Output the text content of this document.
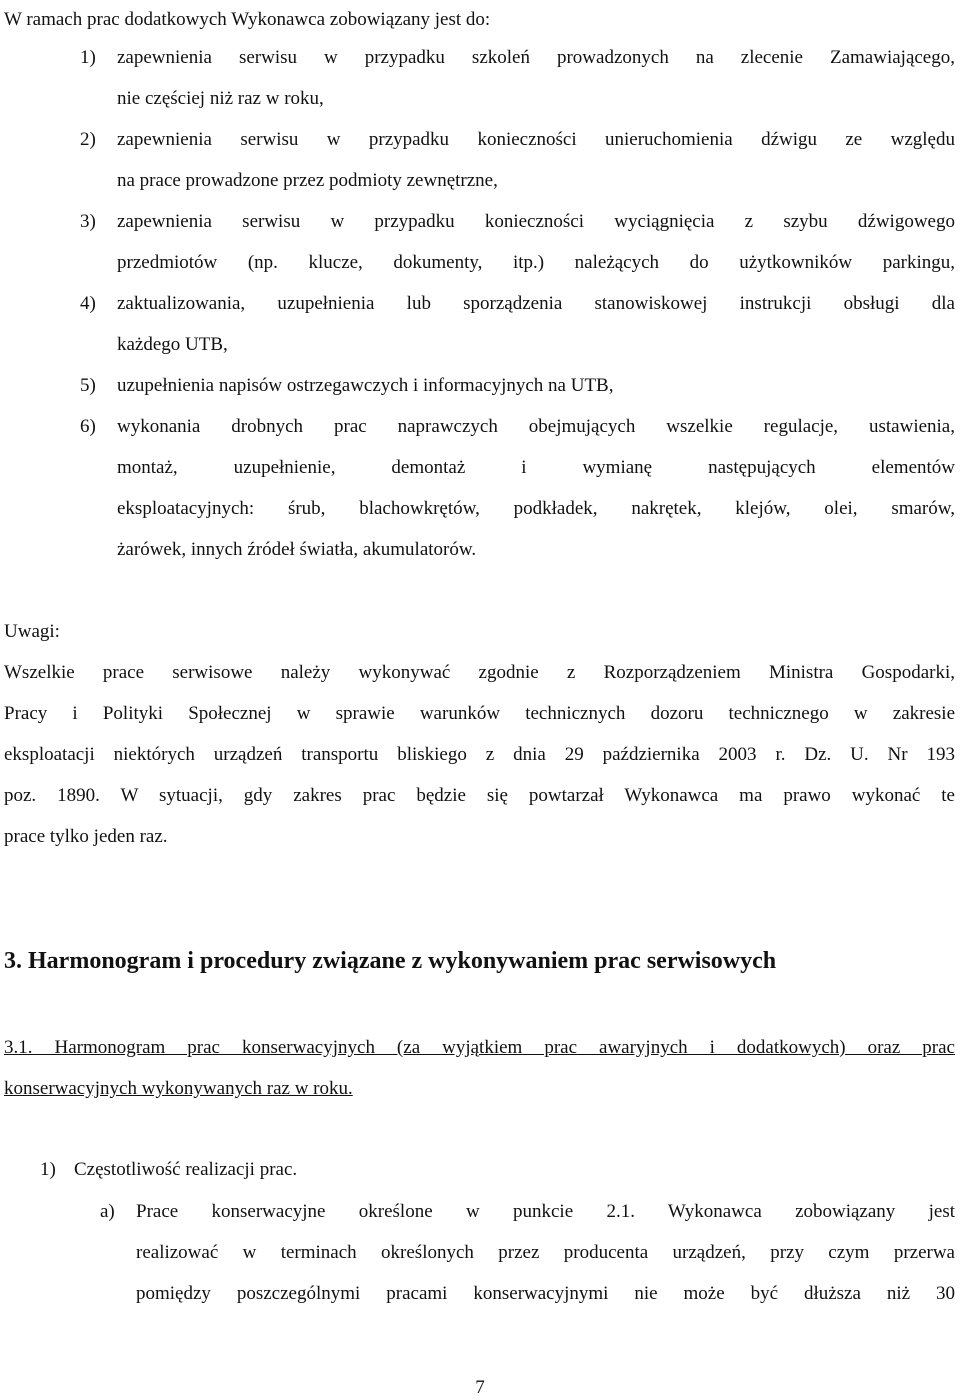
W ramach prac dodatkowych Wykonawca zobowiązany jest do:
1) zapewnienia serwisu w przypadku szkoleń prowadzonych na zlecenie Zamawiającego,
nie częściej niż raz w roku,
2) zapewnienia serwisu w przypadku konieczności unieruchomienia dźwigu ze względu
na prace prowadzone przez podmioty zewnętrzne,
3) zapewnienia serwisu w przypadku konieczności wyciągnięcia z szybu dźwigowego
przedmiotów (np. klucze, dokumenty, itp.) należących do użytkowników parkingu,
4) zaktualizowania, uzupełnienia lub sporządzenia stanowiskowej instrukcji obsługi dla
każdego UTB,
5) uzupełnienia napisów ostrzegawczych i informacyjnych na UTB,
6) wykonania drobnych prac naprawczych obejmujących wszelkie regulacje, ustawienia,
montaż, uzupełnienie, demontaż i wymianę następujących elementów
eksploatacyjnych: śrub, blachowkrętów, podkładek, nakrętek, klejów, olei, smarów,
żarówek, innych źródeł światła, akumulatorów.
Uwagi:
Wszelkie prace serwisowe należy wykonywać zgodnie z Rozporządzeniem Ministra Gospodarki,
Pracy i Polityki Społecznej w sprawie warunków technicznych dozoru technicznego w zakresie
eksploatacji niektórych urządzeń transportu bliskiego z dnia 29 października 2003 r. Dz. U. Nr 193
poz. 1890. W sytuacji, gdy zakres prac będzie się powtarzał Wykonawca ma prawo wykonać te
prace tylko jeden raz.
3. Harmonogram i procedury związane z wykonywaniem prac serwisowych
3.1. Harmonogram prac konserwacyjnych (za wyjątkiem prac awaryjnych i dodatkowych) oraz prac
konserwacyjnych wykonywanych raz w roku.
1) Częstotliwość realizacji prac.
a) Prace konserwacyjne określone w punkcie 2.1. Wykonawca zobowiązany jest
realizować w terminach określonych przez producenta urządzeń, przy czym przerwa
pomiędzy poszczególnymi pracami konserwacyjnymi nie może być dłuższa niż 30
7
